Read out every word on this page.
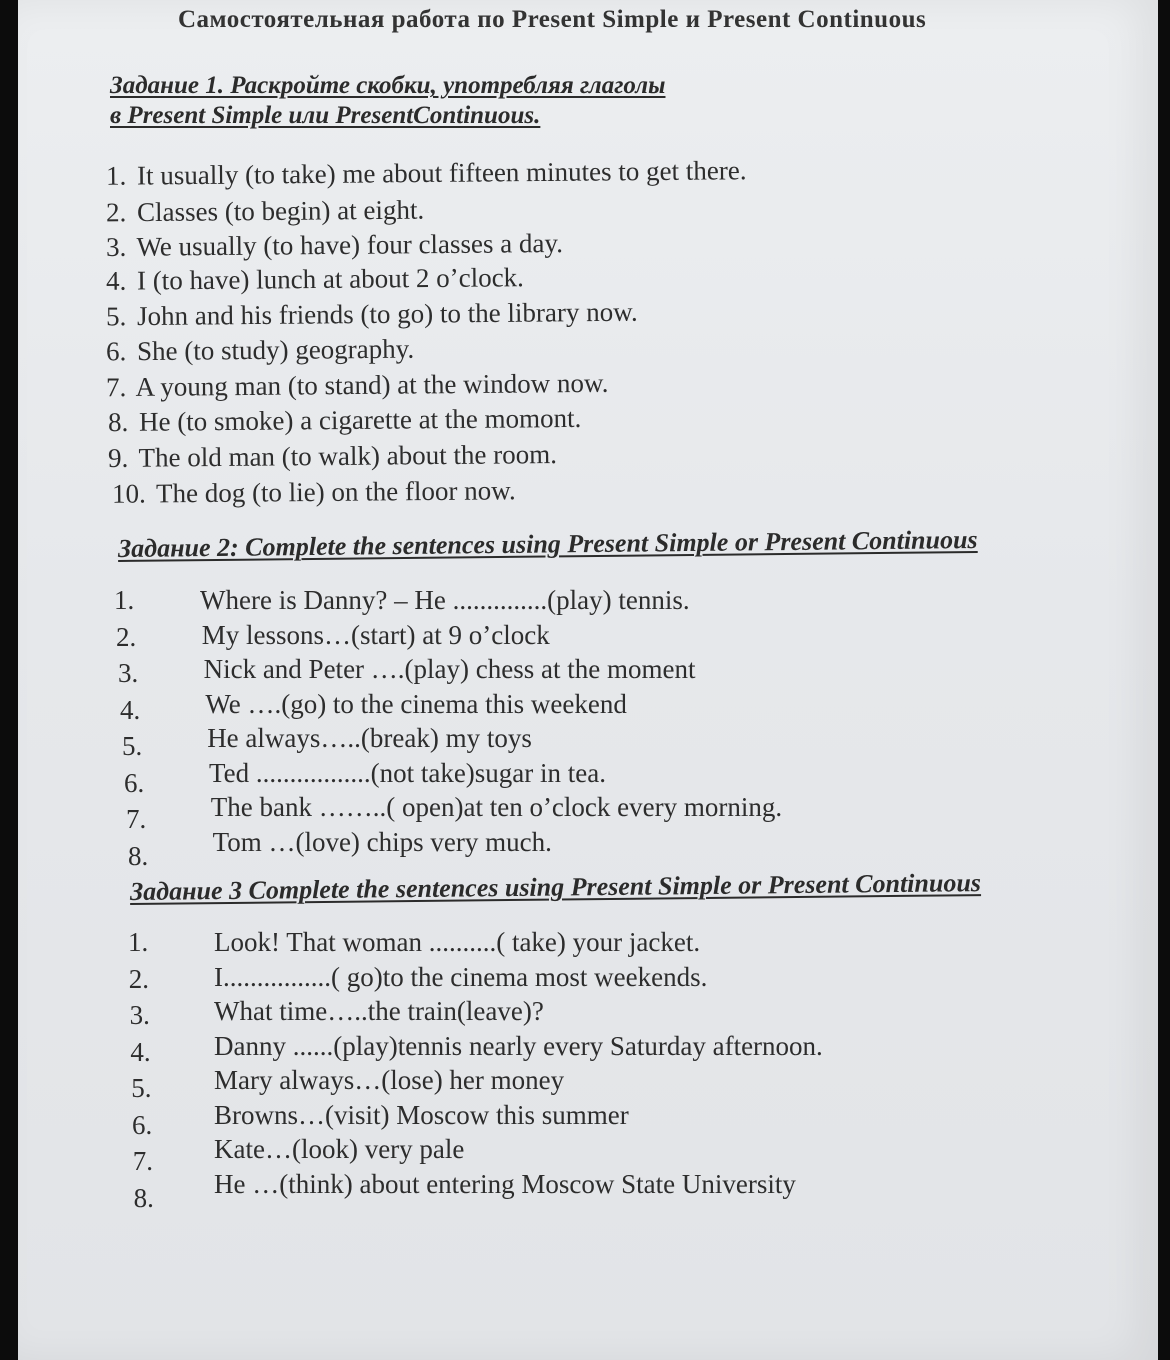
Самостоятельная работа по Present Simple и Present Continuous
Задание 1. Раскройте скобки, употребляя глаголы
в Present Simple или PresentContinuous.
1. It usually (to take) me about fifteen minutes to get there.
2. Classes (to begin) at eight.
3. We usually (to have) four classes a day.
4. I (to have) lunch at about 2 o’clock.
5. John and his friends (to go) to the library now.
6. She (to study) geography.
7. A young man (to stand) at the window now.
8. He (to smoke) a cigarette at the momont.
9. The old man (to walk) about the room.
10. The dog (to lie) on the floor now.
Задание 2: Complete the sentences using Present Simple or Present Continuous
1.	Where is Danny? – He ..............(play) tennis.
2.	My lessons…(start) at 9 o’clock
3.	Nick and Peter ….(play) chess at the moment
4.	We ….(go) to the cinema this weekend
5.	He always…..(break) my toys
6.	Ted .................(not take)sugar in tea.
7.	The bank ……..( open)at ten o’clock every morning.
8.	Tom …(love) chips very much.
Задание 3 Complete the sentences using Present Simple or Present Continuous
1.	Look! That woman ..........( take) your jacket.
2.	I................( go)to the cinema most weekends.
3.	What time…..the train(leave)?
4.	Danny ......(play)tennis nearly every Saturday afternoon.
5.	Mary always…(lose) her money
6.	Browns…(visit) Moscow this summer
7.	Kate…(look) very pale
8.	He …(think) about entering Moscow State University
